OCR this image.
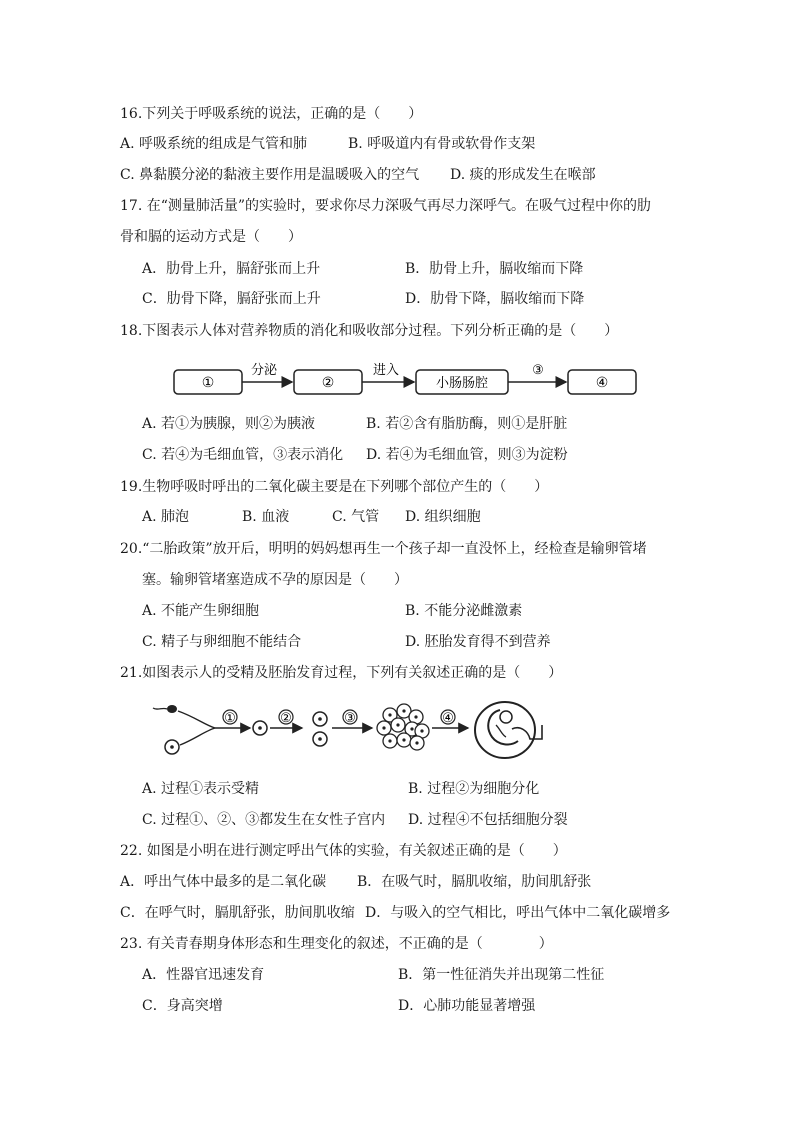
16.下列关于呼吸系统的说法，正确的是（　　）
A. 呼吸系统的组成是气管和肺	B. 呼吸道内有骨或软骨作支架
C. 鼻黏膜分泌的黏液主要作用是温暖吸入的空气 D. 痰的形成发生在喉部
17. 在“测量肺活量”的实验时，要求你尽力深吸气再尽力深呼气。在吸气过程中你的肋
骨和膈的运动方式是（　　）
A．肋骨上升，膈舒张而上升	B．肋骨上升，膈收缩而下降
C．肋骨下降，膈舒张而上升	D．肋骨下降，膈收缩而下降
18.下图表示人体对营养物质的消化和吸收部分过程。下列分析正确的是（　　）
①
分泌
②
进入
小肠肠腔
③
④
A. 若①为胰腺，则②为胰液	B. 若②含有脂肪酶，则①是肝脏
C. 若④为毛细血管，③表示消化 D. 若④为毛细血管，则③为淀粉
19.生物呼吸时呼出的二氧化碳主要是在下列哪个部位产生的（　　）
A. 肺泡	B. 血液	C. 气管 D. 组织细胞
20.“二胎政策”放开后，明明的妈妈想再生一个孩子却一直没怀上，经检查是输卵管堵
塞。输卵管堵塞造成不孕的原因是（　　）
A. 不能产生卵细胞	B. 不能分泌雌激素
C. 精子与卵细胞不能结合	D. 胚胎发育得不到营养
21.如图表示人的受精及胚胎发育过程，下列有关叙述正确的是（　　）
①	②	③	④
A. 过程①表示受精	B. 过程②为细胞分化
C. 过程①、②、③都发生在女性子宫内 D. 过程④不包括细胞分裂
22. 如图是小明在进行测定呼出气体的实验，有关叙述正确的是（　　）
A．呼出气体中最多的是二氧化碳 B．在吸气时，膈肌收缩，肋间肌舒张
C．在呼气时，膈肌舒张，肋间肌收缩 D．与吸入的空气相比，呼出气体中二氧化碳增多
23. 有关青春期身体形态和生理变化的叙述，不正确的是（　　　　）
A．性器官迅速发育	B．第一性征消失并出现第二性征
C．身高突增	D．心肺功能显著增强
